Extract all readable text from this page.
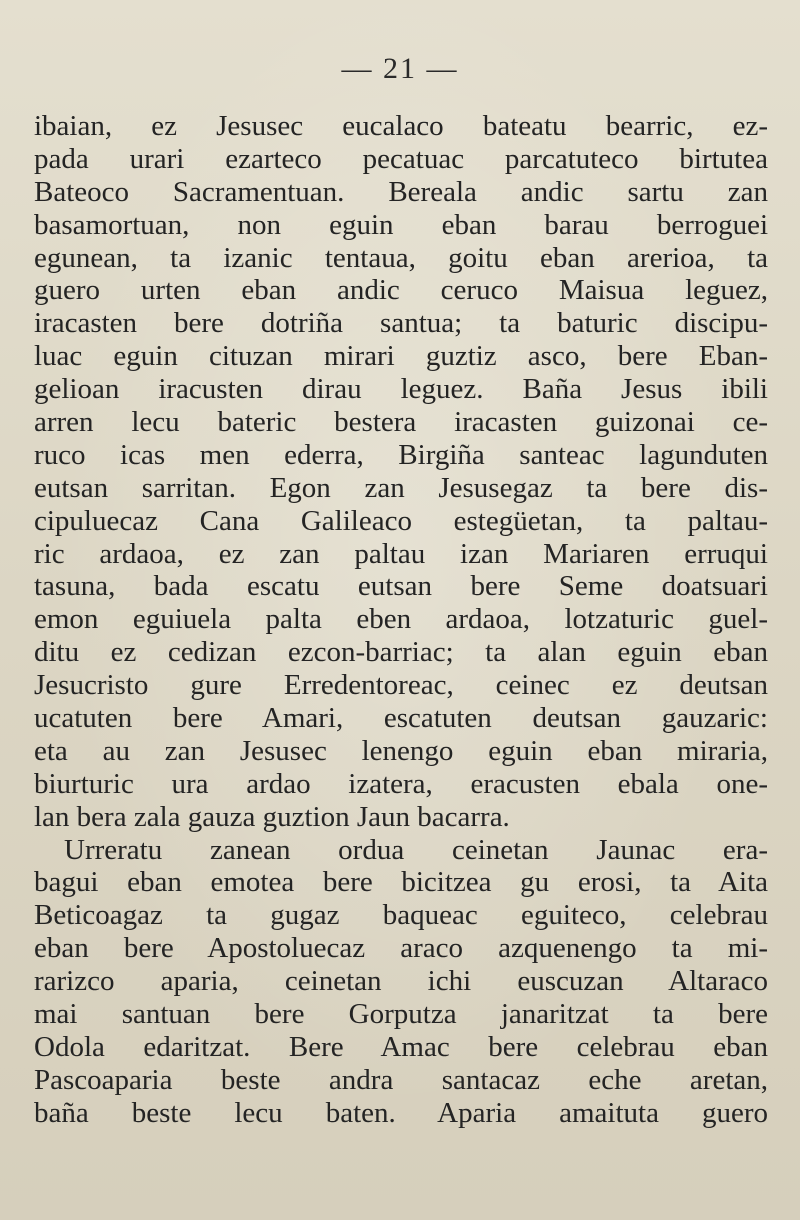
— 21 —
ibaian, ez Jesusec eucalaco bateatu bearric, ez-
pada urari ezarteco pecatuac parcatuteco birtutea
Bateoco Sacramentuan. Bereala andic sartu zan
basamortuan, non eguin eban barau berroguei
egunean, ta izanic tentaua, goitu eban arerioa, ta
guero urten eban andic ceruco Maisua leguez,
iracasten bere dotriña santua; ta baturic discipu-
luac eguin cituzan mirari guztiz asco, bere Eban-
gelioan iracusten dirau leguez. Baña Jesus ibili
arren lecu bateric bestera iracasten guizonai ce-
ruco icas men ederra, Birgiña santeac lagunduten
eutsan sarritan. Egon zan Jesusegaz ta bere dis-
cipuluecaz Cana Galileaco estegüetan, ta paltau-
ric ardaoa, ez zan paltau izan Mariaren erruqui
tasuna, bada escatu eutsan bere Seme doatsuari
emon eguiuela palta eben ardaoa, lotzaturic guel-
ditu ez cedizan ezcon-barriac; ta alan eguin eban
Jesucristo gure Erredentoreac, ceinec ez deutsan
ucatuten bere Amari, escatuten deutsan gauzaric:
eta au zan Jesusec lenengo eguin eban miraria,
biurturic ura ardao izatera, eracusten ebala one-
lan bera zala gauza guztion Jaun bacarra.
Urreratu zanean ordua ceinetan Jaunac era-
bagui eban emotea bere bicitzea gu erosi, ta Aita
Beticoagaz ta gugaz baqueac eguiteco, celebrau
eban bere Apostoluecaz araco azquenengo ta mi-
rarizco aparia, ceinetan ichi euscuzan Altaraco
mai santuan bere Gorputza janaritzat ta bere
Odola edaritzat. Bere Amac bere celebrau eban
Pascoaparia beste andra santacaz eche aretan,
baña beste lecu baten. Aparia amaituta guero
